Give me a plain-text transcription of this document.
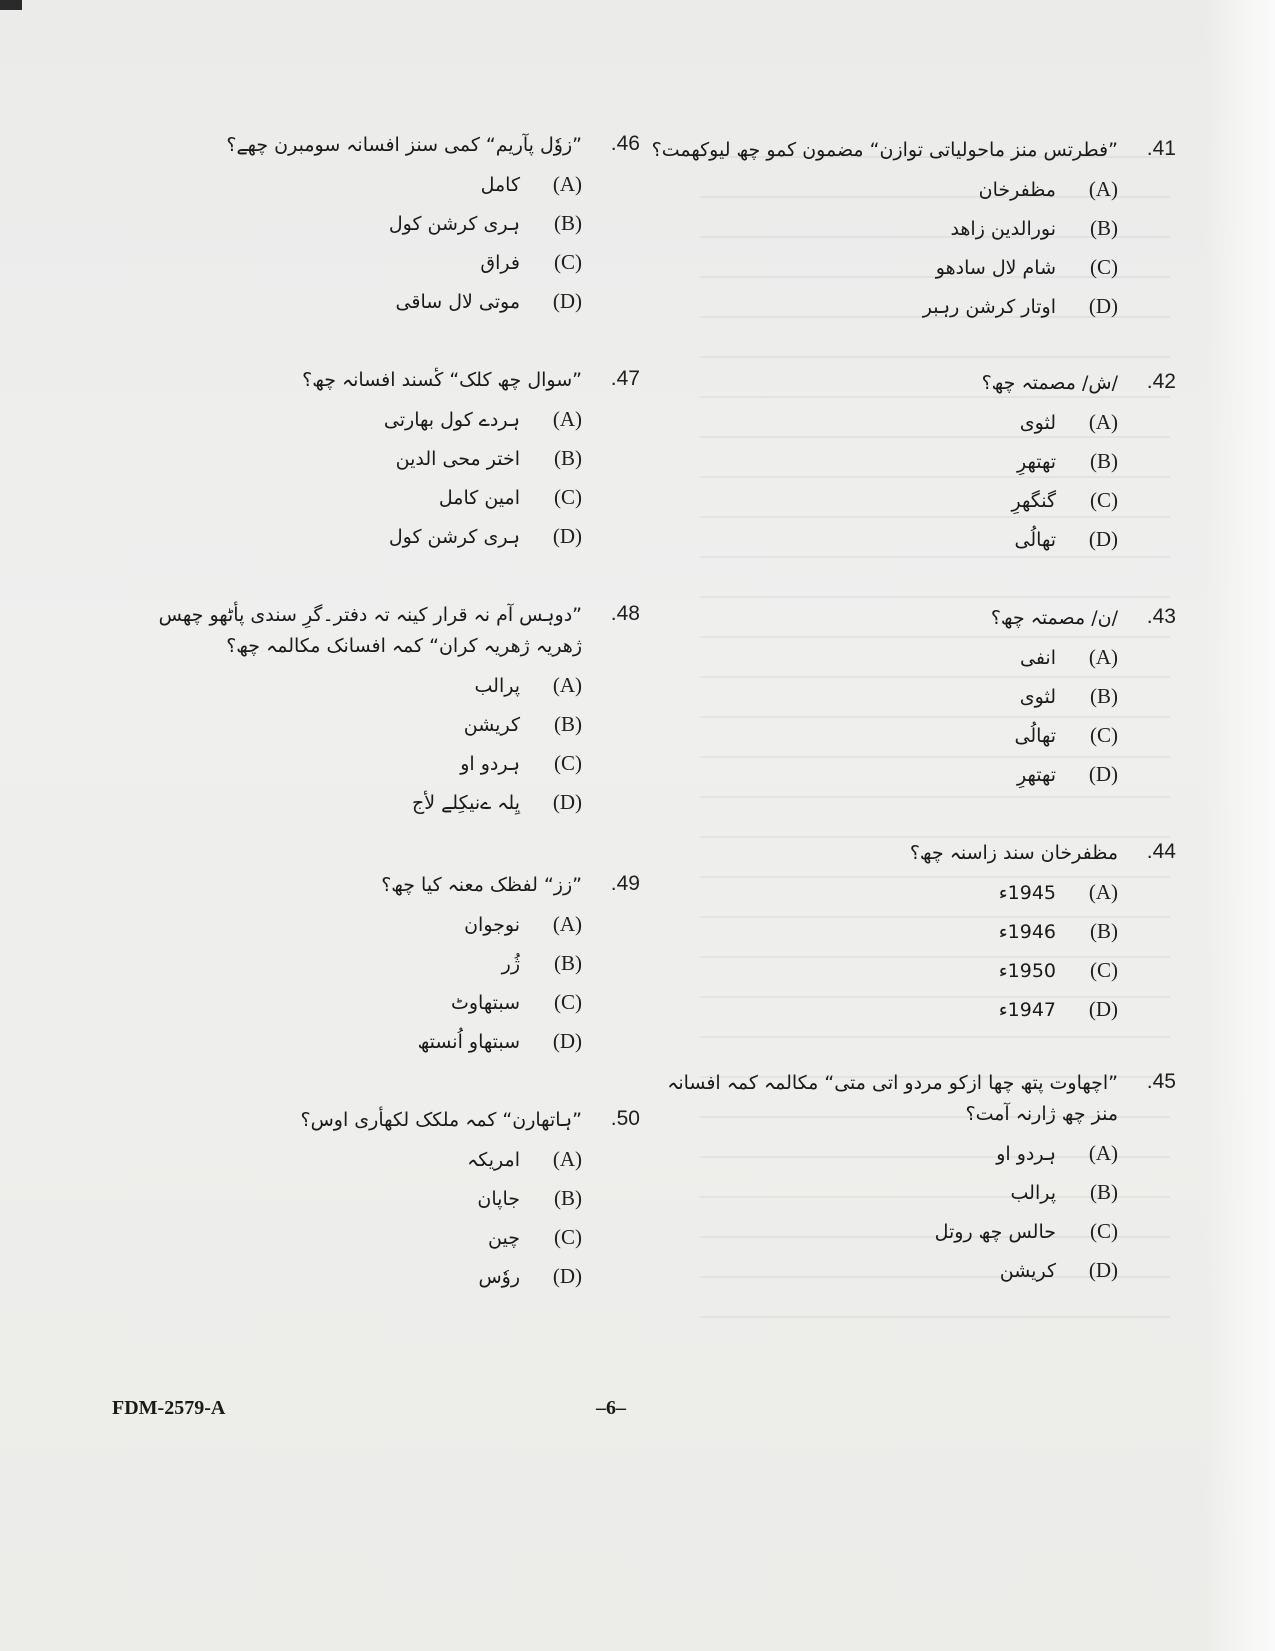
.41
”فطرتس منز ماحولیاتی توازن“ مضمون کمو چھ لیوکھمت؟
(A)
مظفرخان
(B)
نورالدین زاھد
(C)
شام لال سادھو
(D)
اوتار کرشن رہبر
.42
/ش/ مصمتہ چھ؟
(A)
لثوی
(B)
تھتھرِ
(C)
گنگھرِ
(D)
تھالُی
.43
/ن/ مصمتہ چھ؟
(A)
انفی
(B)
لثوی
(C)
تھالُی
(D)
تھتھرِ
.44
مظفرخان سند زاسنہ چھ؟
(A)
1945ء
(B)
1946ء
(C)
1950ء
(D)
1947ء
.45
”اچھاوت پتھ چھا ازکو مردو اتی متی“ مکالمہ کمہ افسانہ منز چھ ژارنہ آمت؟
(A)
ہردو او
(B)
پرالب
(C)
حالس چھ روتل
(D)
کریشن
.46
”زوٗل پآریم“ کمی سنز افسانہ سومبرن چھے؟
(A)
کامل
(B)
ہری کرشن کول
(C)
فراق
(D)
موتی لال ساقی
.47
”سوال چھ کلک“ کٔسند افسانہ چھ؟
(A)
ہردے کول بھارتی
(B)
اختر محی الدین
(C)
امین کامل
(D)
ہری کرشن کول
.48
”دوہس آم نہ قرار کینہ تہ دفتر۔گرِ سندی پأٹھو چھس ژھریہ ژھریہ کران“ کمہ افسانک مکالمہ چھ؟
(A)
پرالب
(B)
کریشن
(C)
ہردو او
(D)
یِلہ ےنیکِلے لأج
.49
”زز“ لفظک معنہ کیا چھ؟
(A)
نوجوان
(B)
ژُر
(C)
سبتھاوٹ
(D)
سبتھاو اُنستھ
.50
”ہاتھارن“ کمہ ملکک لکھأری اوس؟
(A)
امریکہ
(B)
جاپان
(C)
چین
(D)
روٗس
FDM-2579-A	–6–
